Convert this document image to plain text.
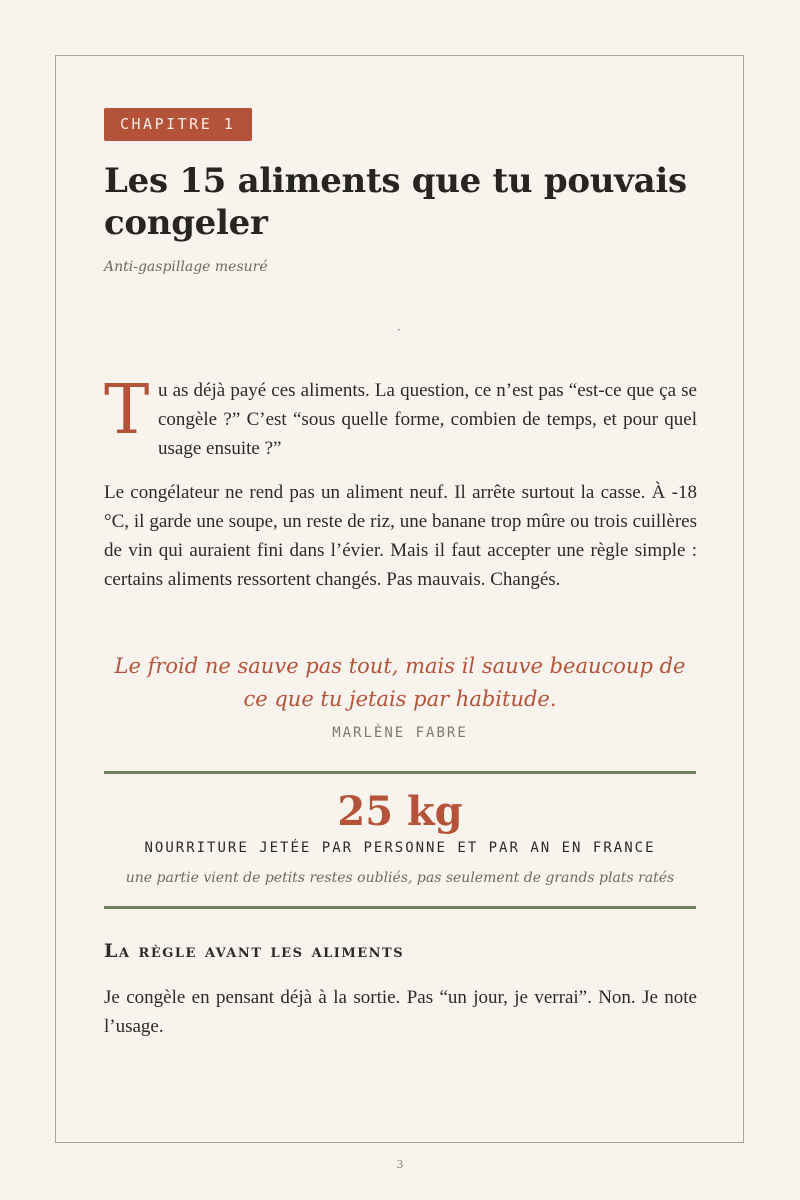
CHAPITRE 1
Les 15 aliments que tu pouvais congeler
Anti-gaspillage mesuré
·
T u as déjà payé ces aliments. La question, ce n’est pas “est-ce que ça se congèle ?” C’est “sous quelle forme, combien de temps, et pour quel usage ensuite ?”

Le congélateur ne rend pas un aliment neuf. Il arrête surtout la casse. À -18 °C, il garde une soupe, un reste de riz, une banane trop mûre ou trois cuillères de vin qui auraient fini dans l’évier. Mais il faut accepter une règle simple : certains aliments ressortent changés. Pas mauvais. Changés.

Le froid ne sauve pas tout, mais il sauve beaucoup de ce que tu jetais par habitude.

MARLÈNE FABRE
25 kg
NOURRITURE JETÉE PAR PERSONNE ET PAR AN EN FRANCE
une partie vient de petits restes oubliés, pas seulement de grands plats ratés
La règle avant les aliments

Je congèle en pensant déjà à la sortie. Pas “un jour, je verrai”. Non. Je note l’usage.

3
